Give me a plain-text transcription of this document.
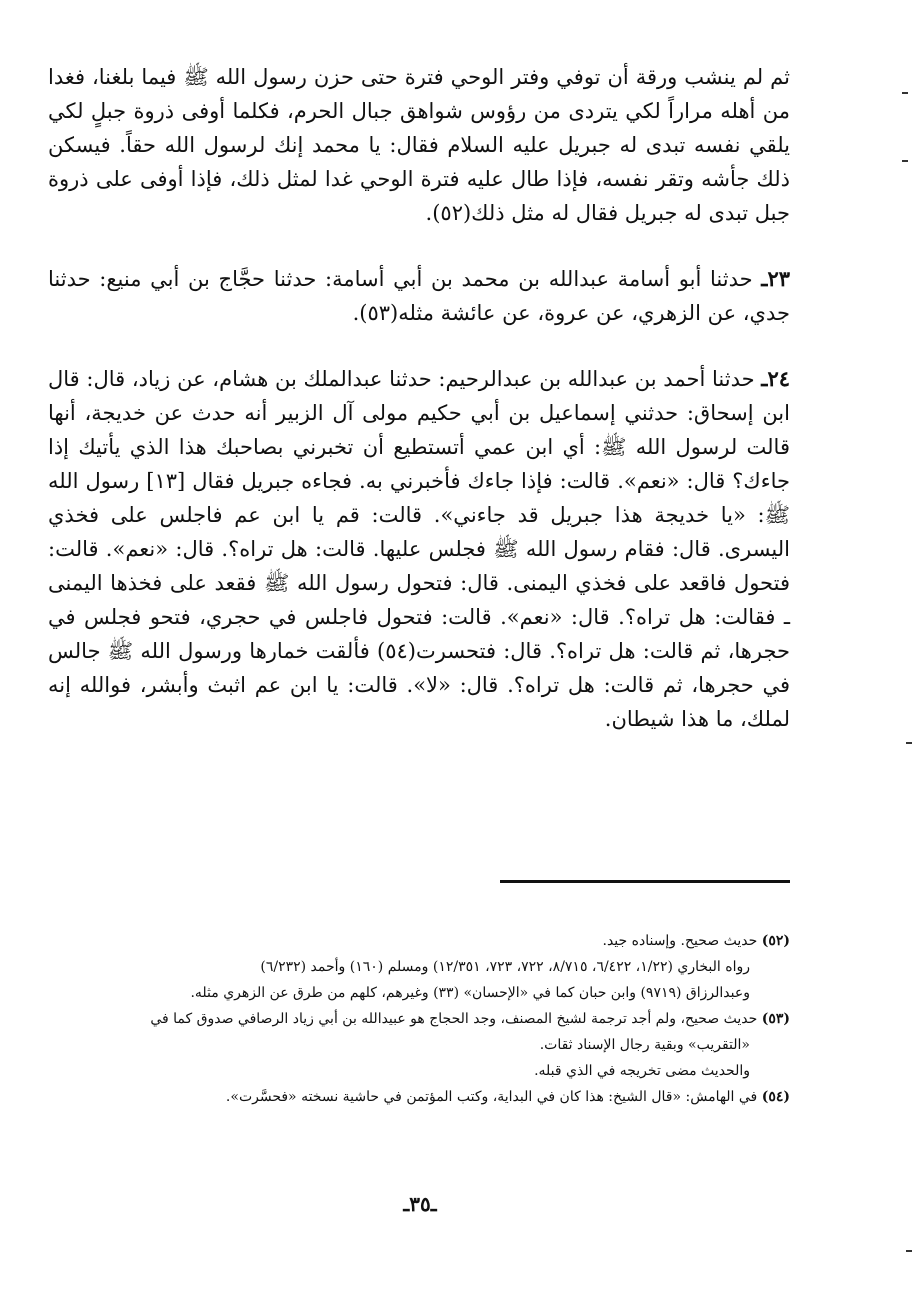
ثم لم ينشب ورقة أن توفي وفتر الوحي فترة حتى حزن رسول الله ﷺ فيما بلغنا، فغدا من أهله مراراً لكي يتردى من رؤوس شواهق جبال الحرم، فكلما أوفى ذروة جبلٍ لكي يلقي نفسه تبدى له جبريل عليه السلام فقال: يا محمد إنك لرسول الله حقاً. فيسكن ذلك جأشه وتقر نفسه، فإذا طال عليه فترة الوحي غدا لمثل ذلك، فإذا أوفى على ذروة جبل تبدى له جبريل فقال له مثل ذلك(٥٢).

٢٣ـ حدثنا أبو أسامة عبدالله بن محمد بن أبي أسامة: حدثنا حجَّاج بن أبي منيع: حدثنا جدي، عن الزهري، عن عروة، عن عائشة مثله(٥٣).

٢٤ـ حدثنا أحمد بن عبدالله بن عبدالرحيم: حدثنا عبدالملك بن هشام، عن زياد، قال: قال ابن إسحاق: حدثني إسماعيل بن أبي حكيم مولى آل الزبير أنه حدث عن خديجة، أنها قالت لرسول الله ﷺ: أي ابن عمي أتستطيع أن تخبرني بصاحبك هذا الذي يأتيك إذا جاءك؟ قال: «نعم». قالت: فإذا جاءك فأخبرني به. فجاءه جبريل فقال [١٣] رسول الله ﷺ: «يا خديجة هذا جبريل قد جاءني». قالت: قم يا ابن عم فاجلس على فخذي اليسرى. قال: فقام رسول الله ﷺ فجلس عليها. قالت: هل تراه؟. قال: «نعم». قالت: فتحول فاقعد على فخذي اليمنى. قال: فتحول رسول الله ﷺ فقعد على فخذها اليمنى ـ فقالت: هل تراه؟. قال: «نعم». قالت: فتحول فاجلس في حجري، فتحو فجلس في حجرها، ثم قالت: هل تراه؟. قال: فتحسرت(٥٤) فألقت خمارها ورسول الله ﷺ جالس في حجرها، ثم قالت: هل تراه؟. قال: «لا». قالت: يا ابن عم اثبث وأبشر، فوالله إنه لملك، ما هذا شيطان.

(٥٢) حديث صحيح. وإسناده جيد.

رواه البخاري (١/٢٢، ٦/٤٢٢، ٨/٧١٥، ٧٢٢، ٧٢٣، ١٢/٣٥١) ومسلم (١٦٠) وأحمد (٦/٢٣٢)

وعبدالرزاق (٩٧١٩) وابن حبان كما في «الإحسان» (٣٣) وغيرهم، كلهم من طرق عن الزهري مثله.

(٥٣) حديث صحيح، ولم أجد ترجمة لشيخ المصنف، وجد الحجاج هو عبيدالله بن أبي زياد الرصافي صدوق كما في

«التقريب» وبقية رجال الإسناد ثقات.

والحديث مضى تخريجه في الذي قبله.

(٥٤) في الهامش: «قال الشيخ: هذا كان في البداية، وكتب المؤتمن في حاشية نسخته «فحسَّرت».

ـ٣٥ـ
